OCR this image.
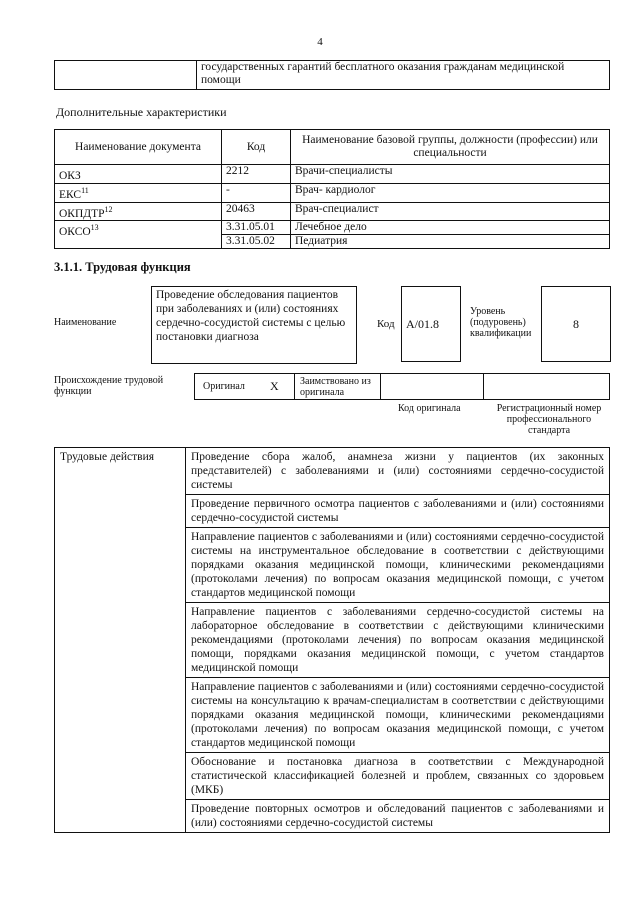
4
	государственных гарантий бесплатного оказания гражданам медицинской помощи
Дополнительные характеристики
Наименование документа	Код	Наименование базовой группы, должности (профессии) или специальности
ОКЗ	2212	Врачи-специалисты
ЕКС$^{11}$	-	Врач- кардиолог
ОКПДТР$^{12}$	20463	Врач-специалист
ОКСО$^{13}$	3.31.05.01	Лечебное дело
	3.31.05.02	Педиатрия
3.1.1. Трудовая функция
Наименование
Проведение обследования пациентов при заболеваниях и (или) состояниях сердечно-сосудистой системы с целью постановки диагноза
Код А/01.8
Уровень (подуровень) квалификации
8
Происхождение трудовой функции	Оригинал X Заимствовано из оригинала
Код оригинала	Регистрационный номер профессионального стандарта
Трудовые действия	Проведение сбора жалоб, анамнеза жизни у пациентов (их законных представителей) с заболеваниями и (или) состояниями сердечно-сосудистой системы
Проведение первичного осмотра пациентов с заболеваниями и (или) состояниями сердечно-сосудистой системы
Направление пациентов с заболеваниями и (или) состояниями сердечно-сосудистой системы на инструментальное обследование в соответствии с действующими порядками оказания медицинской помощи, клиническими рекомендациями (протоколами лечения) по вопросам оказания медицинской помощи, с учетом стандартов медицинской помощи
Направление пациентов с заболеваниями сердечно-сосудистой системы на лабораторное обследование в соответствии с действующими клиническими рекомендациями (протоколами лечения) по вопросам оказания медицинской помощи, порядками оказания медицинской помощи, с учетом стандартов медицинской помощи
Направление пациентов с заболеваниями и (или) состояниями сердечно-сосудистой системы на консультацию к врачам-специалистам в соответствии с действующими порядками оказания медицинской помощи, клиническими рекомендациями (протоколами лечения) по вопросам оказания медицинской помощи, с учетом стандартов медицинской помощи
Обоснование и постановка диагноза в соответствии с Международной статистической классификацией болезней и проблем, связанных со здоровьем (МКБ)
Проведение повторных осмотров и обследований пациентов с заболеваниями и (или) состояниями сердечно-сосудистой системы
